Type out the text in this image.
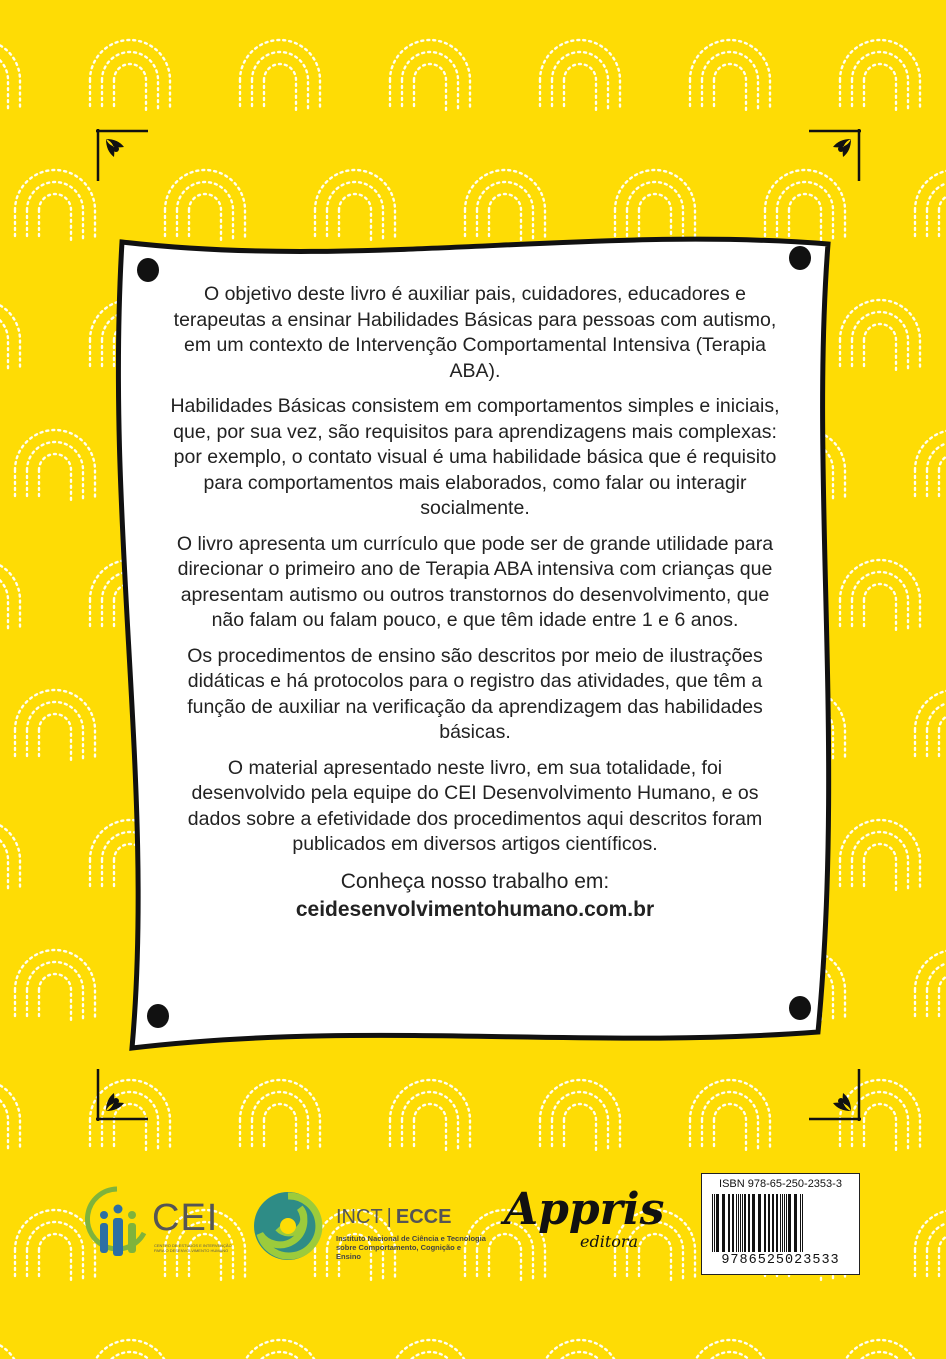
O objetivo deste livro é auxiliar pais, cuidadores, educadores e terapeutas a ensinar Habilidades Básicas para pessoas com autismo, em um contexto de Intervenção Comportamental Intensiva (Terapia ABA).

Habilidades Básicas consistem em comportamentos simples e iniciais, que, por sua vez, são requisitos para aprendizagens mais complexas: por exemplo, o contato visual é uma habilidade básica que é requisito para comportamentos mais elaborados, como falar ou interagir socialmente.

O livro apresenta um currículo que pode ser de grande utilidade para direcionar o primeiro ano de Terapia ABA intensiva com crianças que apresentam autismo ou outros transtornos do desenvolvimento, que não falam ou falam pouco, e que têm idade entre 1 e 6 anos.

Os procedimentos de ensino são descritos por meio de ilustrações didáticas e há protocolos para o registro das atividades, que têm a função de auxiliar na verificação da aprendizagem das habilidades básicas.

O material apresentado neste livro, em sua totalidade, foi desenvolvido pela equipe do CEI Desenvolvimento Humano, e os dados sobre a efetividade dos procedimentos aqui descritos foram publicados em diversos artigos científicos.

Conheça nosso trabalho em:
ceidesenvolvimentohumano.com.br
CEI
CENTRO DE ESTUDOS E INTERVENÇÃO PARA O DESENVOLVIMENTO HUMANO
INCT | ECCE
Instituto Nacional de Ciência e Tecnologia
sobre Comportamento, Cognição e Ensino
Appris
editora
ISBN 978-65-250-2353-3
9786525023533
